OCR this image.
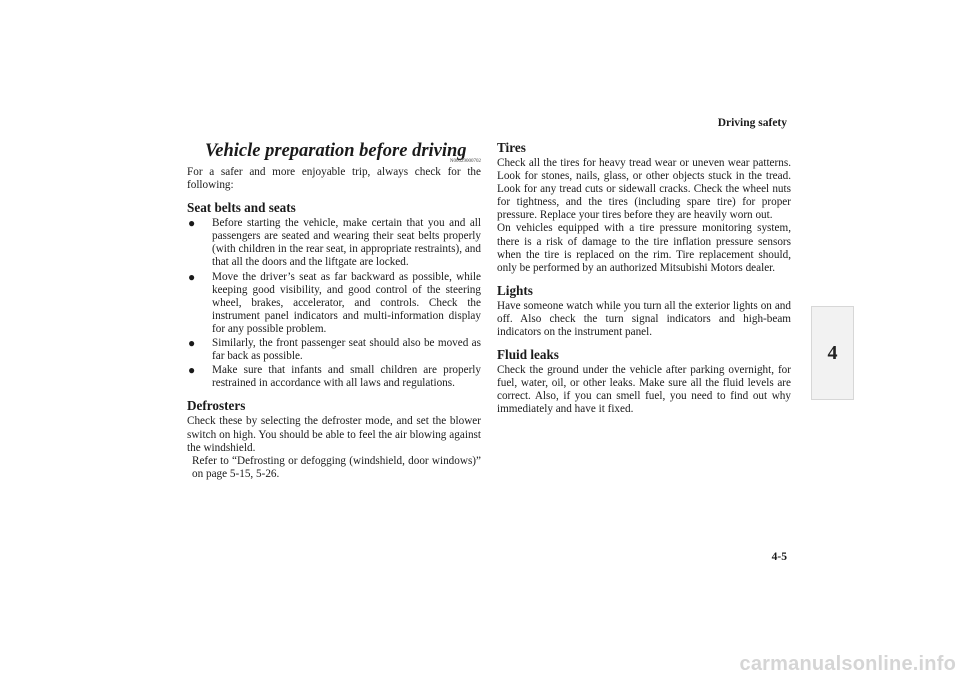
Driving safety
4
Vehicle preparation before driving
N00629000702

For a safer and more enjoyable trip, always check for the following:

Seat belts and seats
● Before starting the vehicle, make certain that you and all passengers are seated and wearing their seat belts properly (with children in the rear seat, in appropriate restraints), and that all the doors and the liftgate are locked.
● Move the driver’s seat as far backward as possible, while keeping good visibility, and good control of the steering wheel, brakes, accelerator, and controls. Check the instrument panel indicators and multi-information display for any possible problem.
● Similarly, the front passenger seat should also be moved as far back as possible.
● Make sure that infants and small children are properly restrained in accordance with all laws and regulations.
Defrosters

Check these by selecting the defroster mode, and set the blower switch on high. You should be able to feel the air blowing against the windshield.

Refer to “Defrosting or defogging (windshield, door windows)” on page 5-15, 5-26.

Tires

Check all the tires for heavy tread wear or uneven wear patterns. Look for stones, nails, glass, or other objects stuck in the tread. Look for any tread cuts or sidewall cracks. Check the wheel nuts for tightness, and the tires (including spare tire) for proper pressure. Replace your tires before they are heavily worn out.

On vehicles equipped with a tire pressure monitoring system, there is a risk of damage to the tire inflation pressure sensors when the tire is replaced on the rim. Tire replacement should, only be performed by an authorized Mitsubishi Motors dealer.

Lights

Have someone watch while you turn all the exterior lights on and off. Also check the turn signal indicators and high-beam indicators on the instrument panel.

Fluid leaks

Check the ground under the vehicle after parking overnight, for fuel, water, oil, or other leaks. Make sure all the fluid levels are correct. Also, if you can smell fuel, you need to find out why immediately and have it fixed.

4-5
carmanualsonline.info
